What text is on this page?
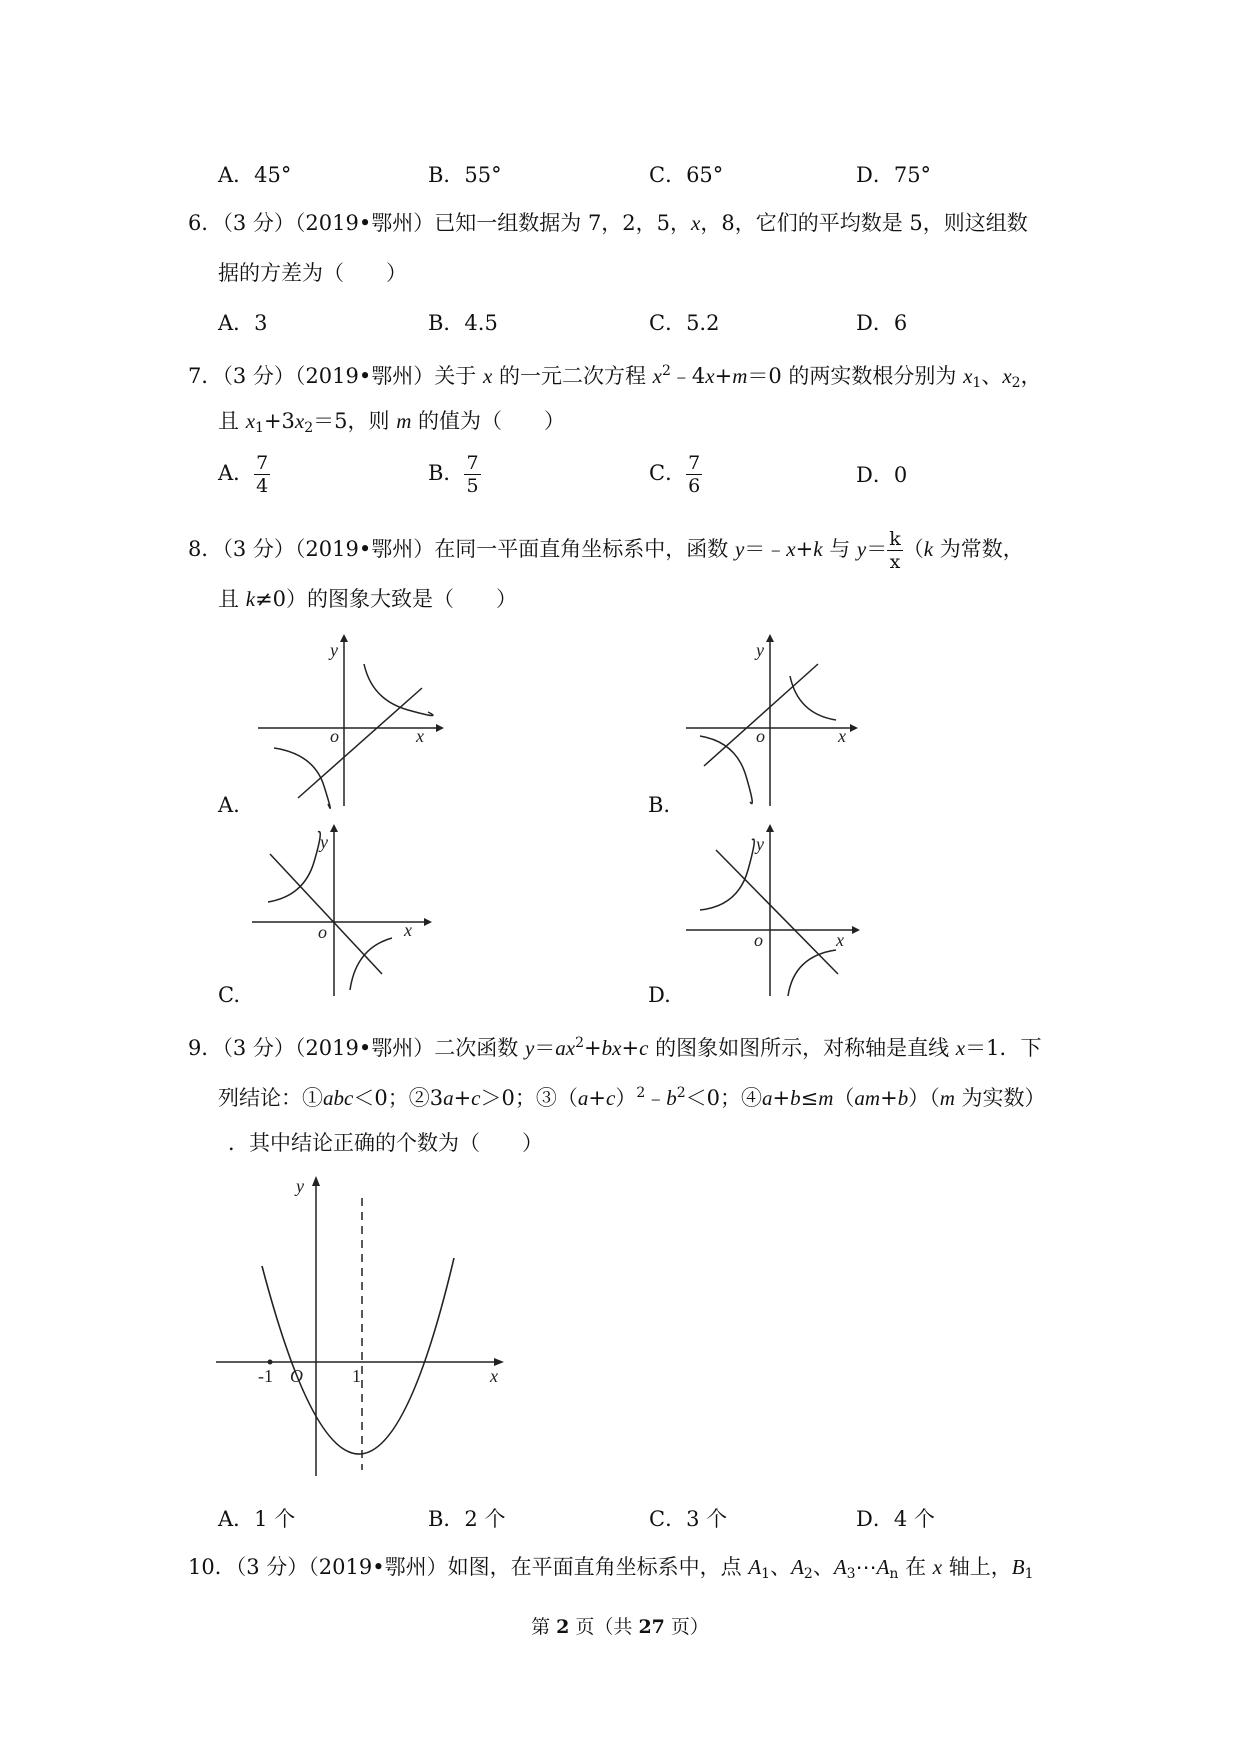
A．45°	B．55°	C．65°	D．75°
6．（3 分）（2019•鄂州）已知一组数据为 7，2，5，x，8，它们的平均数是 5，则这组数
据的方差为（　　）
A．3	B．4.5	C．5.2	D．6
7．（3 分）（2019•鄂州）关于 x 的一元二次方程 $x^2﹣4x+m=0$ 的两实数根分别为 $x_1$、$x_2$，
且 $x_1+3x_2=5$，则 m 的值为（　　）
A． $\frac{7}{4}$	B． $\frac{7}{5}$	C． $\frac{7}{6}$	D．0
8．（3 分）（2019•鄂州）在同一平面直角坐标系中，函数 y＝﹣x+k 与 $y= \frac{k}{x} (k$ 为常数，
且 k≠0）的图象大致是（　　）
y
x
o
A.
y
x
o
B.
y
x
o
C.
y
x
o
D.
9．（3 分）（2019•鄂州）二次函数 $y=ax^2+bx+c$ 的图象如图所示，对称轴是直线 x＝1．下
列结论：①abc＜0；②3a+c＞0；$③(a+c)^2﹣b^2<0$；④a+b≤m（am+b）（m 为实数）
．其中结论正确的个数为（　　）
y
x
O
-1	1
A．1 个	B．2 个	C．3 个	D．4 个
10．（3 分）（2019•鄂州）如图，在平面直角坐标系中，点 $A_1$、$A_2$、$A_3\cdots A_n$ 在 x 轴上，$B_1$
第 2 页（共 27 页）
